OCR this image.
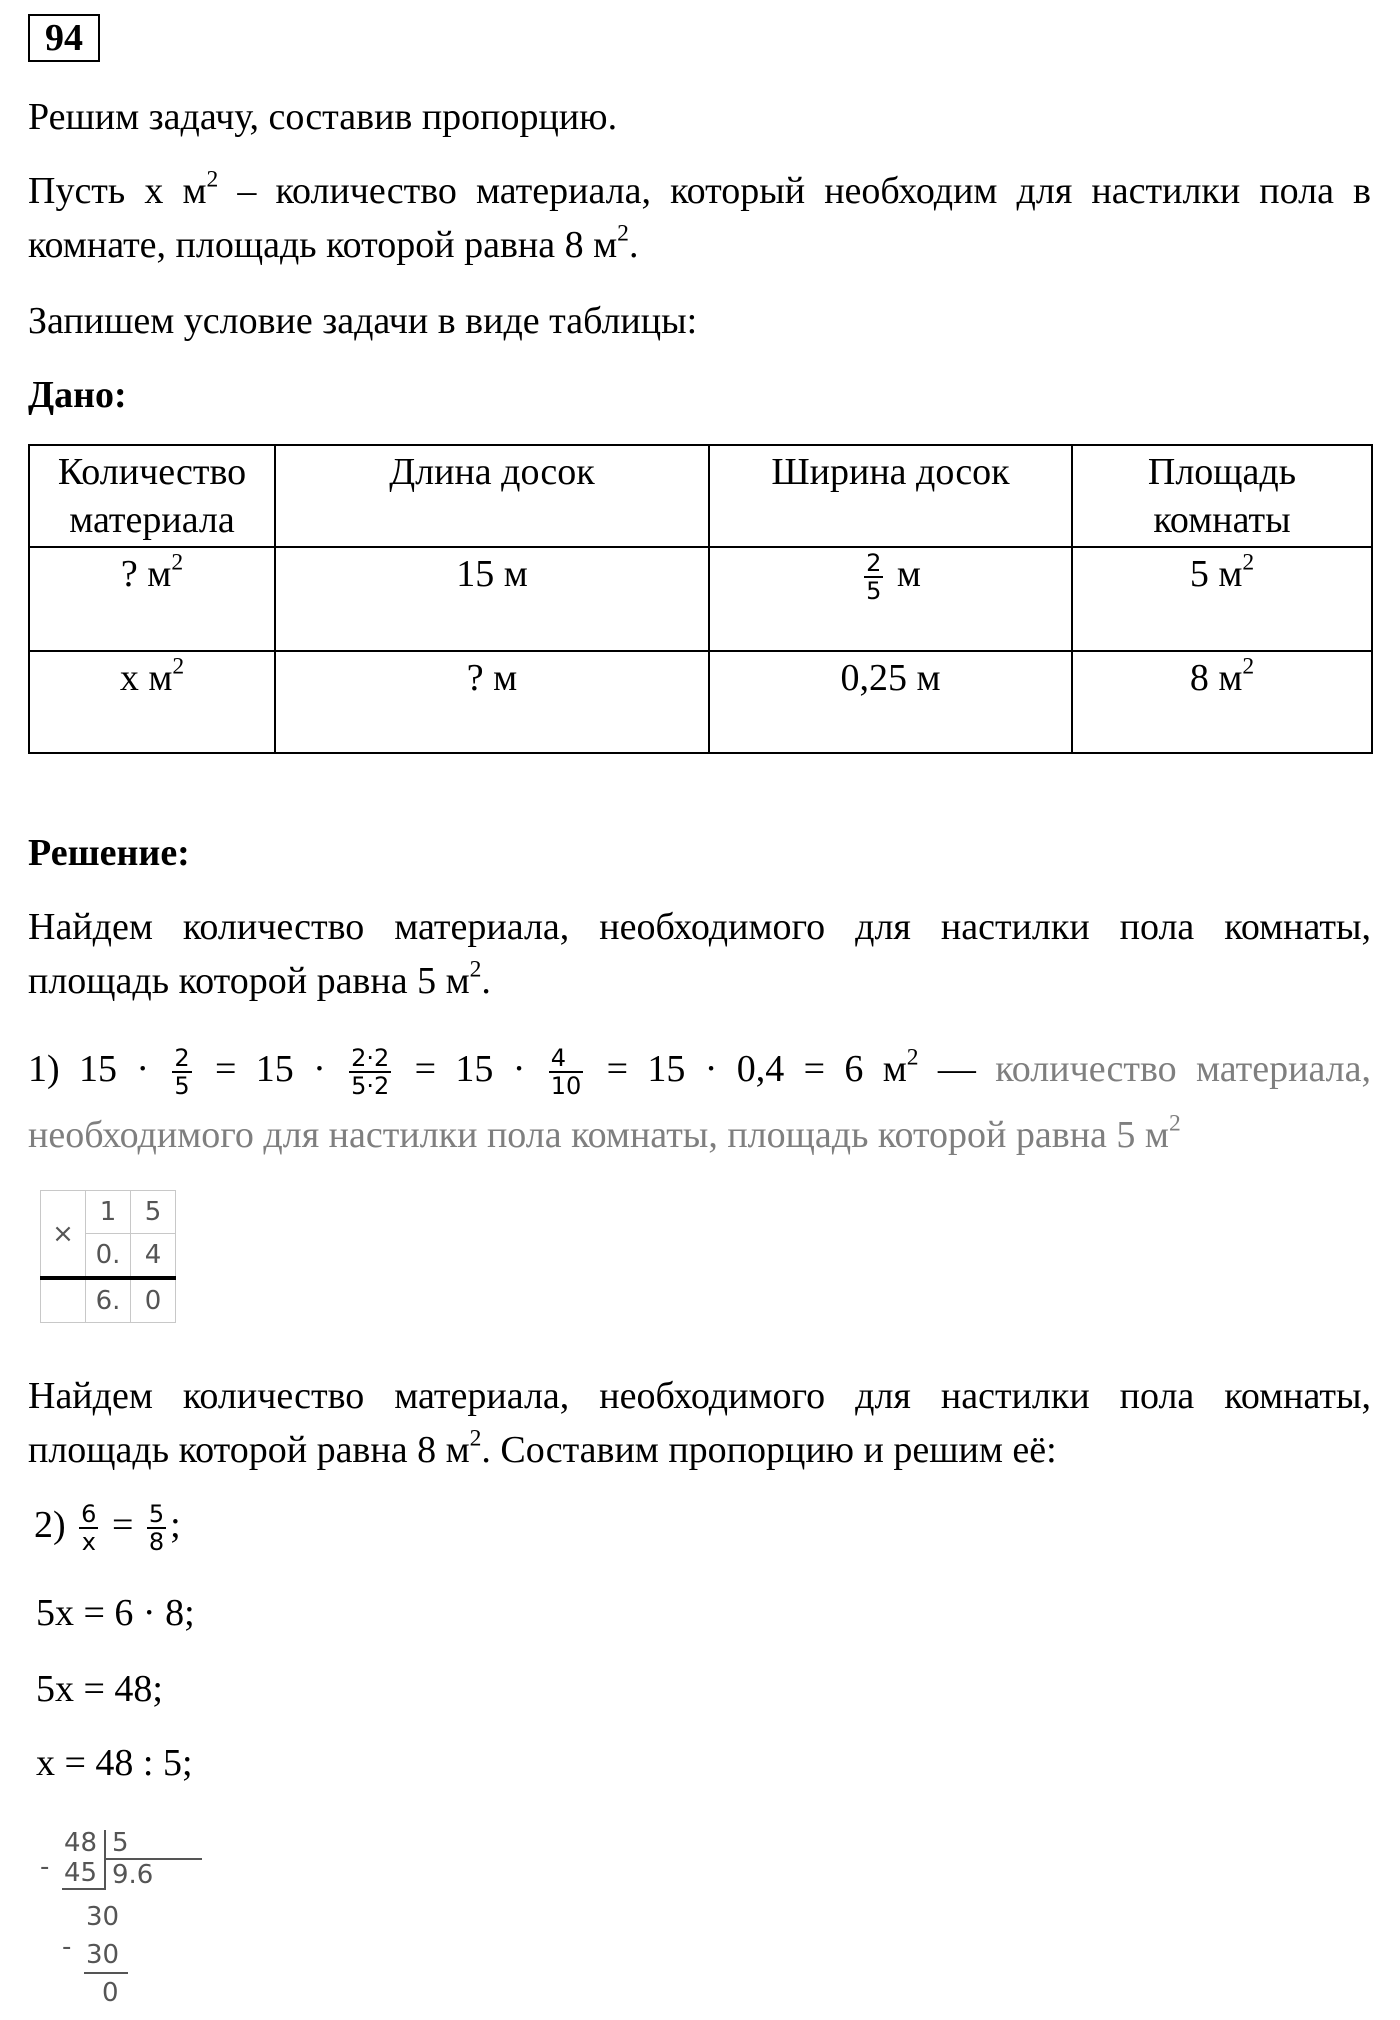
94

Решим задачу, составив пропорцию.

Пусть х $м^2$ – количество материала, который необходим для настилки пола в комнате, площадь которой равна 8 $м^2$.

Запишем условие задачи в виде таблицы:

Дано:

Количество материала	Длина досок	Ширина досок	Площадь комнаты
? $м^2$	15 м	$\frac{2}{5}$ м	5 $м^2$
х $м^2$	? м	0,25 м	8 $м^2$

Решение:

Найдем количество материала, необходимого для настилки пола комнаты, площадь которой равна 5 $м^2$.

1) $15 \cdot \frac{2}{5} = 15 \cdot \frac{2\cdot 2}{5\cdot 2} = 15 \cdot \frac{4}{10} = 15 \cdot 0,4 = 6$ $м^2$ — количество материала, необходимого для настилки пола комнаты, площадь которой равна 5 $м^2$

×	1	5
	0.	4
	6.	0

Найдем количество материала, необходимого для настилки пола комнаты, площадь которой равна 8 $м^2$. Составим пропорцию и решим её:

$2) \frac{6}{х} = \frac{5}{8}$ ;

5х = 6 · 8;

5х = 48;

х = 48 : 5;

-
48 5
45 9.6
30
- 30
0
